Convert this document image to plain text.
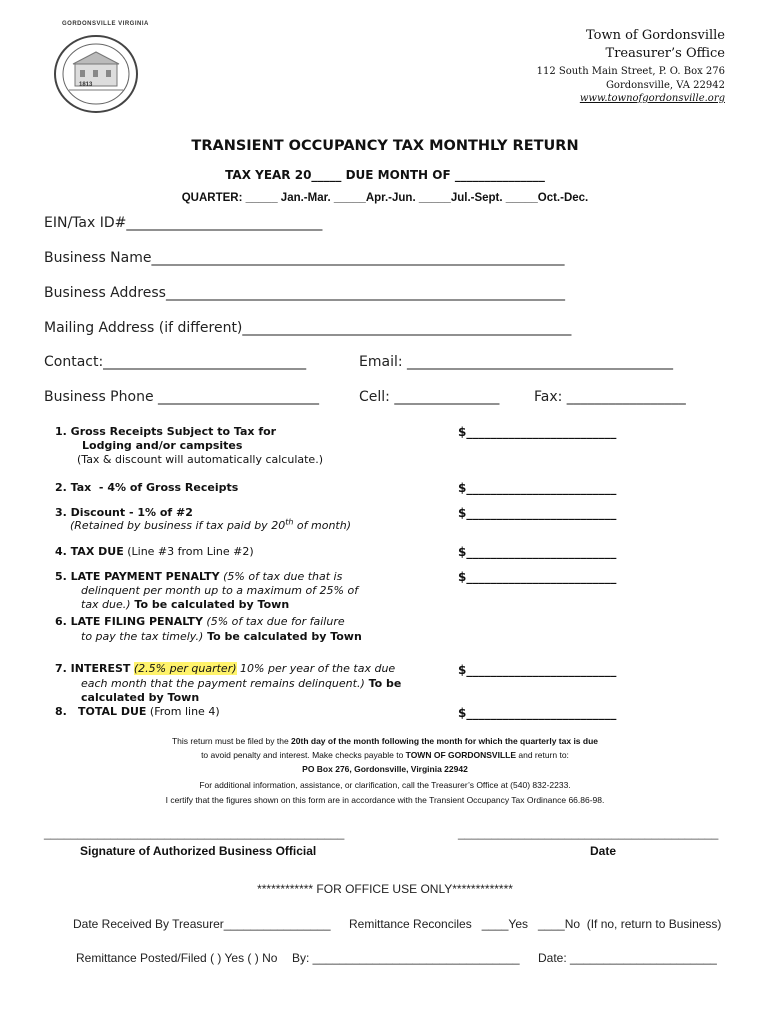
GORDONSVILLE VIRGINIA

1813

Town of Gordonsville
Treasurer’s Office
112 South Main Street, P. O. Box 276
Gordonsville, VA 22942
www.townofgordonsville.org
TRANSIENT OCCUPANCY TAX MONTHLY RETURN
TAX YEAR 20_____ DUE MONTH OF _______________
QUARTER: _____ Jan.-Mar. _____Apr.-Jun. _____Jul.-Sept. _____Oct.-Dec.
EIN/Tax ID#____________________________
Business Name___________________________________________________________
Business Address_________________________________________________________
Mailing Address (if different)_______________________________________________
Contact:_____________________________	Email: ______________________________________
Business Phone _______________________	Cell: _______________ Fax: _________________
1. Gross Receipts Subject to Tax for
Lodging and/or campsites
(Tax & discount will automatically calculate.)
$_________________________
2. Tax  - 4% of Gross Receipts	$_________________________
3. Discount - 1% of #2
(Retained by business if tax paid by 20th of month)
$_________________________
4. TAX DUE (Line #3 from Line #2)	$_________________________
5. LATE PAYMENT PENALTY (5% of tax due that is
delinquent per month up to a maximum of 25% of
tax due.) To be calculated by Town
$_________________________
6. LATE FILING PENALTY (5% of tax due for failure
to pay the tax timely.) To be calculated by Town
7. INTEREST (2.5% per quarter) 10% per year of the tax due
each month that the payment remains delinquent.) To be
calculated by Town
$_________________________
8. TOTAL DUE (From line 4)	$_________________________
This return must be filed by the 20th day of the month following the month for which the quarterly tax is due
to avoid penalty and interest. Make checks payable to TOWN OF GORDONSVILLE and return to:
PO Box 276, Gordonsville, Virginia 22942
For additional information, assistance, or clarification, call the Treasurer’s Office at (540) 832-2233.
I certify that the figures shown on this form are in accordance with the Transient Occupancy Tax Ordinance 66.86-98.
_____________________________________________	_______________________________________
Signature of Authorized Business Official	Date
************ FOR OFFICE USE ONLY*************
Date Received By Treasurer________________ Remittance Reconciles   ____Yes   ____No  (If no, return to Business)
Remittance Posted/Filed ( ) Yes ( ) No By: _______________________________ Date: ______________________
